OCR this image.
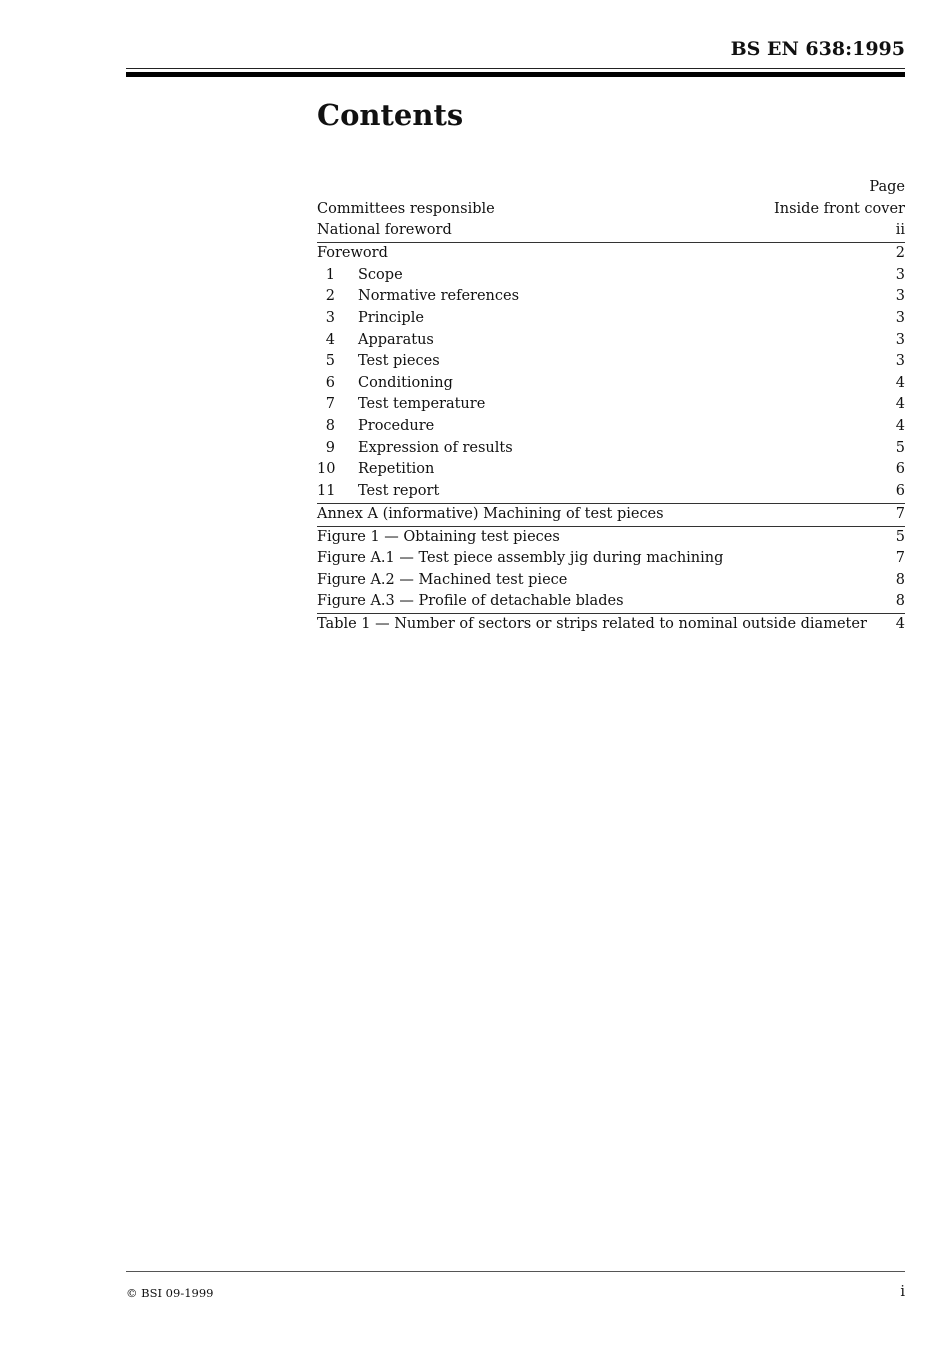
BS EN 638:1995
Contents
Page
Committees responsible	Inside front cover
National foreword	ii
Foreword	2
1 Scope	3
2 Normative references	3
3 Principle	3
4 Apparatus	3
5 Test pieces	3
6 Conditioning	4
7 Test temperature	4
8 Procedure	4
9 Expression of results	5
10 Repetition	6
11 Test report	6
Annex A (informative) Machining of test pieces	7
Figure 1 — Obtaining test pieces	5
Figure A.1 — Test piece assembly jig during machining	7
Figure A.2 — Machined test piece	8
Figure A.3 — Profile of detachable blades	8
Table 1 — Number of sectors or strips related to nominal outside diameter	4
© BSI 09-1999	i
